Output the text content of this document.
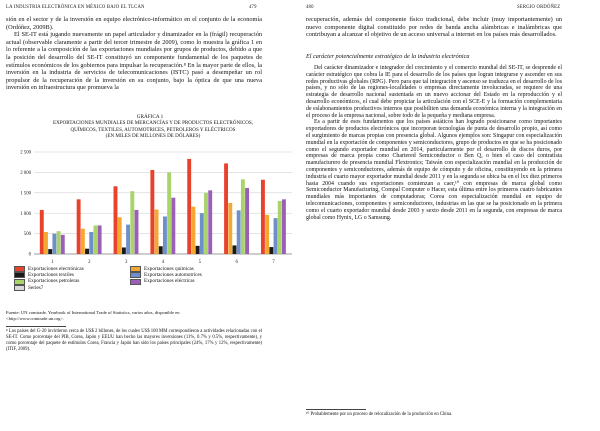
LA INDUSTRIA ELECTRÓNICA EN MÉXICO BAJO EL TLCAN	479

sión en el sector y de la inversión en equipo electrónico-informático en el conjunto de la economía (Ordóñez, 2009B).

El SE-IT está jugando nuevamente un papel articulador y dinamizador en la (frágil) recuperación actual (observable claramente a partir del tercer trimestre de 2009), como lo muestra la gráfica 1 en lo referente a la composición de las exportaciones mundiales por grupos de productos, debido a que la posición del desarrollo del SE-IT constituyó un componente fundamental de los paquetes de estímulos económicos de los gobiernos para impulsar la recuperación.⁸ En la mayor parte de ellos, la inversión en la industria de servicios de telecomunicaciones (ISTC) pasó a desempeñar un rol propulsor de la recuperación de la inversión en su conjunto, bajo la óptica de que una nueva inversión en infraestructura que promueva la

GRÁFICA 1
EXPORTACIONES MUNDIALES DE MERCANCÍAS Y DE PRODUCTOS ELECTRÓNICOS,
QUÍMICOS, TEXTILES, AUTOMOTRICES, PETROLEROS Y ELÉCTRICOS
(EN MILES DE MILLONES DE DÓLARES)
0
500
1 000
1 500
2 000
2 500
1	2	3	4	5	6	7
Exportaciones electrónicas
Exportaciones textiles
Exportaciones petroleras
Series7
Exportaciones químicas
Exportaciones automotrices
Exportaciones eléctricas
Fuente: UN comtrade, Yearbook of International Trade of Statistics, varios años, disponible en <http://www.comtrade.un.org>.
⁸ Los países del G-20 invirtieron cerca de US$ 2 billones, de los cuales US$ 100 MM correspondieron a actividades relacionadas con el SE-IT. Como porcentaje del PIB, Corea, Japón y EEUU han hecho las mayores inversiones (11%, 0.7% y 0.5%, respectivamente), y como porcentaje del paquete de estímulos Corea, Francia y Japón han sido los países principales (24%, 17% y 12%, respectivamente) (ITIF, 2009).
480	SERGIO ORDÓÑEZ

recuperación, además del componente físico tradicional, debe incluir (muy importantemente) un nuevo componente digital constituido por redes de banda ancha alámbricas e inalámbricas que contribuyan a alcanzar el objetivo de un acceso universal a internet en los países más desarrollados.

El carácter potencialmente estratégico de la industria electrónica

Del carácter dinamizador e integrador del crecimiento y el comercio mundial del SE-IT, se desprende el carácter estratégico que cobra la IE para el desarrollo de los países que logran integrarse y ascender en sus redes productivas globales (RPG). Pero para que tal integración y ascenso se traduzca en el desarrollo de los países, y no sólo de las regiones-localidades o empresas directamente involucradas, se requiere de una estrategia de desarrollo nacional sustentada en un nuevo accionar del Estado en la reproducción y el desarrollo económicos, el cual debe propiciar la articulación con el SCE-E y la formación complementaria de eslabonamientos productivos internos que posibiliten una demanda económica interna y la integración en el proceso de la empresa nacional, sobre todo de la pequeña y mediana empresa.

Es a partir de esos fundamentos que los países asiáticos han logrado posicionarse como importantes exportadores de productos electrónicos que incorporan tecnologías de punta de desarrollo propio, así como el surgimiento de marcas propias con presencia global. Algunos ejemplos son: Singapur con especialización mundial en la exportación de componentes y semiconductores, grupo de productos en que se ha posicionado como el segundo exportador mundial en 2014, particularmente por el desarrollo de discos duros, por empresas de marca propia como Chartered Semiconductor o Ben Q, o bien el caso del contratista manufacturero de presencia mundial Flextronics; Taiwán con especialización mundial en la producción de componentes y semiconductores, además de equipo de cómputo y de oficina, constituyendo en la primera industria el cuarto mayor exportador mundial desde 2011 y en la segunda se ubica ba en el lxx diez primeros hasta 2004 cuando sus exportaciones comienzan a caer,¹⁰ con empresas de marca global como Semiconductor Manufacturing, Compal Computer o Hacer, esta última entre los primeros cuatro fabricantes mundiales más importantes de computadoras; Corea con especialización mundial en equipo de telecomunicaciones, componentes y semiconductores, industrias en las que se ha posicionado en la primera como el cuarto exportador mundial desde 2003 y sexto desde 2011 en la segunda, con empresas de marca global como Hynix, LG o Samsung.

¹⁰ Probablemente por un proceso de relocalización de la producción en China.
